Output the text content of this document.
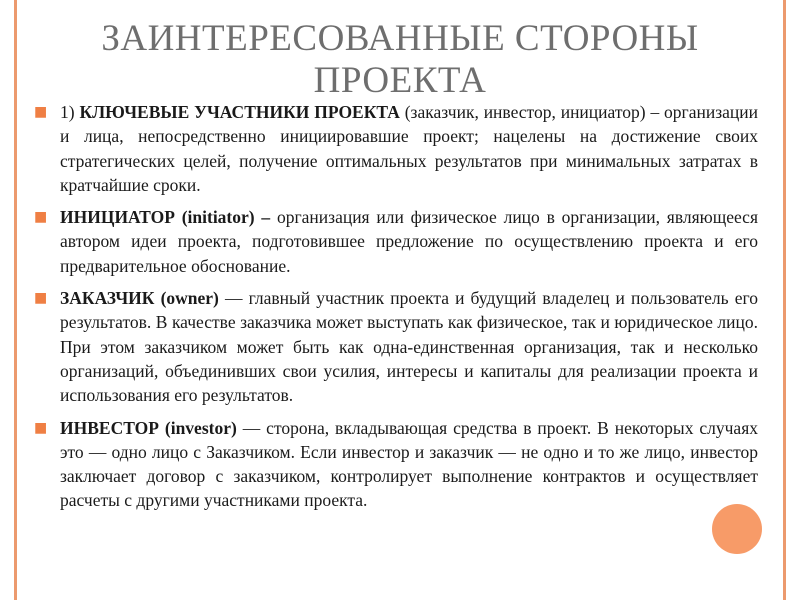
ЗАИНТЕРЕСОВАННЫЕ СТОРОНЫ ПРОЕКТА
■ 1) КЛЮЧЕВЫЕ УЧАСТНИКИ ПРОЕКТА (заказчик, инвестор, инициатор) – организации и лица, непосредственно инициировавшие проект; нацелены на достижение своих стратегических целей, получение оптимальных результатов при минимальных затратах в кратчайшие сроки.
■ ИНИЦИАТОР (initiator) – организация или физическое лицо в организации, являющееся автором идеи проекта, подготовившее предложение по осуществлению проекта и его предварительное обоснование.
■ ЗАКАЗЧИК (owner) — главный участник проекта и будущий владелец и пользователь его результатов. В качестве заказчика может выступать как физическое, так и юридическое лицо. При этом заказчиком может быть как одна-единственная организация, так и несколько организаций, объединивших свои усилия, интересы и капиталы для реализации проекта и использования его результатов.
■ ИНВЕСТОР (investor) — сторона, вкладывающая средства в проект. В некоторых случаях это — одно лицо с Заказчиком. Если инвестор и заказчик — не одно и то же лицо, инвестор заключает договор с заказчиком, контролирует выполнение контрактов и осуществляет расчеты с другими участниками проекта.
